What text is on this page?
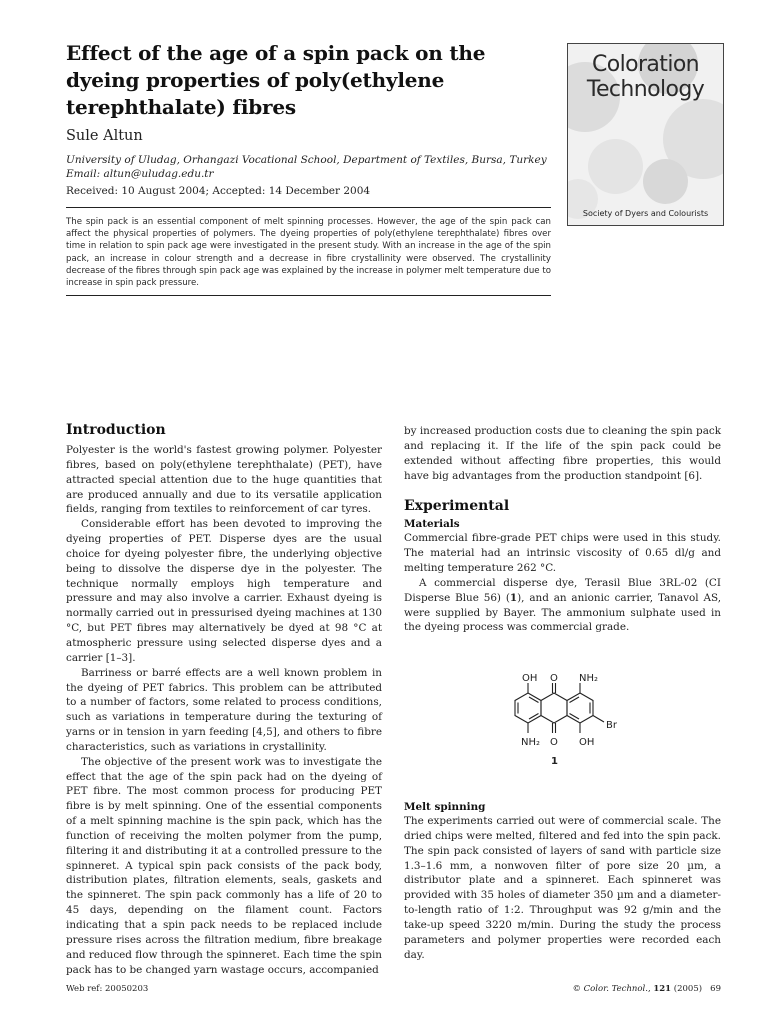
Effect of the age of a spin pack on the dyeing properties of poly(ethylene terephthalate) fibres
Sule Altun
University of Uludag, Orhangazi Vocational School, Department of Textiles, Bursa, Turkey
Email: altun@uludag.edu.tr
Received: 10 August 2004; Accepted: 14 December 2004
The spin pack is an essential component of melt spinning processes. However, the age of the spin pack can affect the physical properties of polymers. The dyeing properties of poly(ethylene terephthalate) fibres over time in relation to spin pack age were investigated in the present study. With an increase in the age of the spin pack, an increase in colour strength and a decrease in fibre crystallinity were observed. The crystallinity decrease of the fibres through spin pack age was explained by the increase in polymer melt temperature due to increase in spin pack pressure.
Coloration
Technology
Society of Dyers and Colourists
Introduction

Polyester is the world's fastest growing polymer. Polyester fibres, based on poly(ethylene terephthalate) (PET), have attracted special attention due to the huge quantities that are produced annually and due to its versatile application fields, ranging from textiles to reinforcement of car tyres.

Considerable effort has been devoted to improving the dyeing properties of PET. Disperse dyes are the usual choice for dyeing polyester fibre, the underlying objective being to dissolve the disperse dye in the polyester. The technique normally employs high temperature and pressure and may also involve a carrier. Exhaust dyeing is normally carried out in pressurised dyeing machines at 130 °C, but PET fibres may alternatively be dyed at 98 °C at atmospheric pressure using selected disperse dyes and a carrier [1–3].

Barriness or barré effects are a well known problem in the dyeing of PET fabrics. This problem can be attributed to a number of factors, some related to process conditions, such as variations in temperature during the texturing of yarns or in tension in yarn feeding [4,5], and others to fibre characteristics, such as variations in crystallinity.

The objective of the present work was to investigate the effect that the age of the spin pack had on the dyeing of PET fibre. The most common process for producing PET fibre is by melt spinning. One of the essential components of a melt spinning machine is the spin pack, which has the function of receiving the molten polymer from the pump, filtering it and distributing it at a controlled pressure to the spinneret. A typical spin pack consists of the pack body, distribution plates, filtration elements, seals, gaskets and the spinneret. The spin pack commonly has a life of 20 to 45 days, depending on the filament count. Factors indicating that a spin pack needs to be replaced include pressure rises across the filtration medium, fibre breakage and reduced flow through the spinneret. Each time the spin pack has to be changed yarn wastage occurs, accompanied

by increased production costs due to cleaning the spin pack and replacing it. If the life of the spin pack could be extended without affecting fibre properties, this would have big advantages from the production standpoint [6].

Experimental
Materials

Commercial fibre-grade PET chips were used in this study. The material had an intrinsic viscosity of 0.65 dl/g and melting temperature 262 °C.

A commercial disperse dye, Terasil Blue 3RL-02 (CI Disperse Blue 56) (1), and an anionic carrier, Tanavol AS, were supplied by Bayer. The ammonium sulphate used in the dyeing process was commercial grade.

OH O NH₂
Br
NH₂ O OH
1
Melt spinning

The experiments carried out were of commercial scale. The dried chips were melted, filtered and fed into the spin pack. The spin pack consisted of layers of sand with particle size 1.3–1.6 mm, a nonwoven filter of pore size 20 µm, a distributor plate and a spinneret. Each spinneret was provided with 35 holes of diameter 350 µm and a diameter-to-length ratio of 1:2. Throughput was 92 g/min and the take-up speed 3220 m/min. During the study the process parameters and polymer properties were recorded each day.

Web ref: 20050203	© Color. Technol., 121 (2005) 69
